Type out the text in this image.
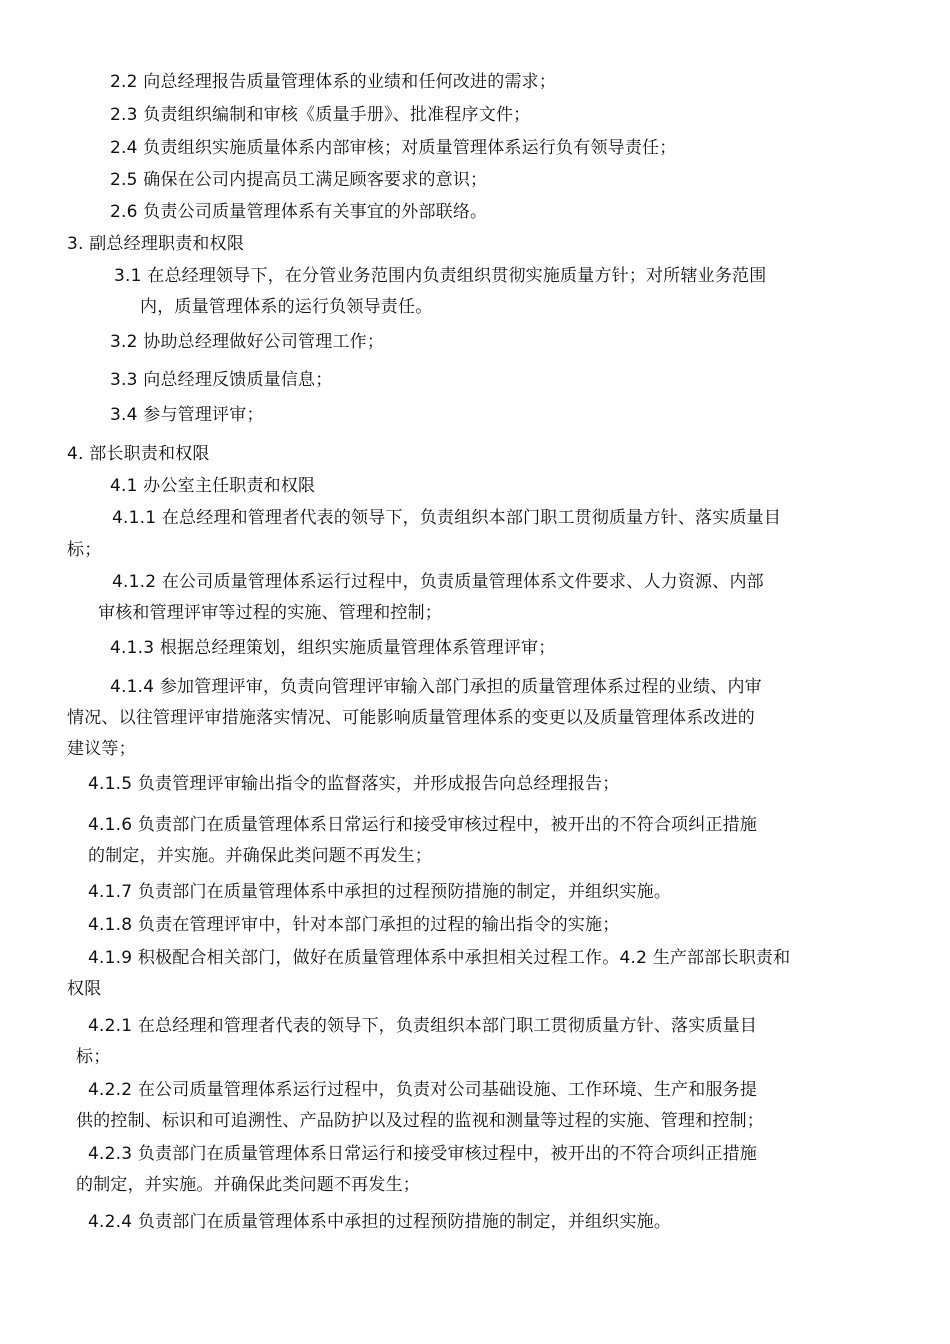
2.2 向总经理报告质量管理体系的业绩和任何改进的需求；
2.3 负责组织编制和审核《质量手册》、批准程序文件；
2.4 负责组织实施质量体系内部审核；对质量管理体系运行负有领导责任；
2.5 确保在公司内提高员工满足顾客要求的意识；
2.6 负责公司质量管理体系有关事宜的外部联络。
3. 副总经理职责和权限
3.1 在总经理领导下，在分管业务范围内负责组织贯彻实施质量方针；对所辖业务范围
内，质量管理体系的运行负领导责任。
3.2 协助总经理做好公司管理工作；
3.3 向总经理反馈质量信息；
3.4 参与管理评审；
4. 部长职责和权限
4.1 办公室主任职责和权限
4.1.1 在总经理和管理者代表的领导下，负责组织本部门职工贯彻质量方针、落实质量目
标；
4.1.2 在公司质量管理体系运行过程中，负责质量管理体系文件要求、人力资源、内部
审核和管理评审等过程的实施、管理和控制；
4.1.3 根据总经理策划，组织实施质量管理体系管理评审；
4.1.4 参加管理评审，负责向管理评审输入部门承担的质量管理体系过程的业绩、内审
情况、以往管理评审措施落实情况、可能影响质量管理体系的变更以及质量管理体系改进的
建议等；
4.1.5 负责管理评审输出指令的监督落实，并形成报告向总经理报告；
4.1.6 负责部门在质量管理体系日常运行和接受审核过程中，被开出的不符合项纠正措施
的制定，并实施。并确保此类问题不再发生；
4.1.7 负责部门在质量管理体系中承担的过程预防措施的制定，并组织实施。
4.1.8 负责在管理评审中，针对本部门承担的过程的输出指令的实施；
4.1.9 积极配合相关部门，做好在质量管理体系中承担相关过程工作。4.2 生产部部长职责和
权限
4.2.1 在总经理和管理者代表的领导下，负责组织本部门职工贯彻质量方针、落实质量目
标；
4.2.2 在公司质量管理体系运行过程中，负责对公司基础设施、工作环境、生产和服务提
供的控制、标识和可追溯性、产品防护以及过程的监视和测量等过程的实施、管理和控制；
4.2.3 负责部门在质量管理体系日常运行和接受审核过程中，被开出的不符合项纠正措施
的制定，并实施。并确保此类问题不再发生；
4.2.4 负责部门在质量管理体系中承担的过程预防措施的制定，并组织实施。
